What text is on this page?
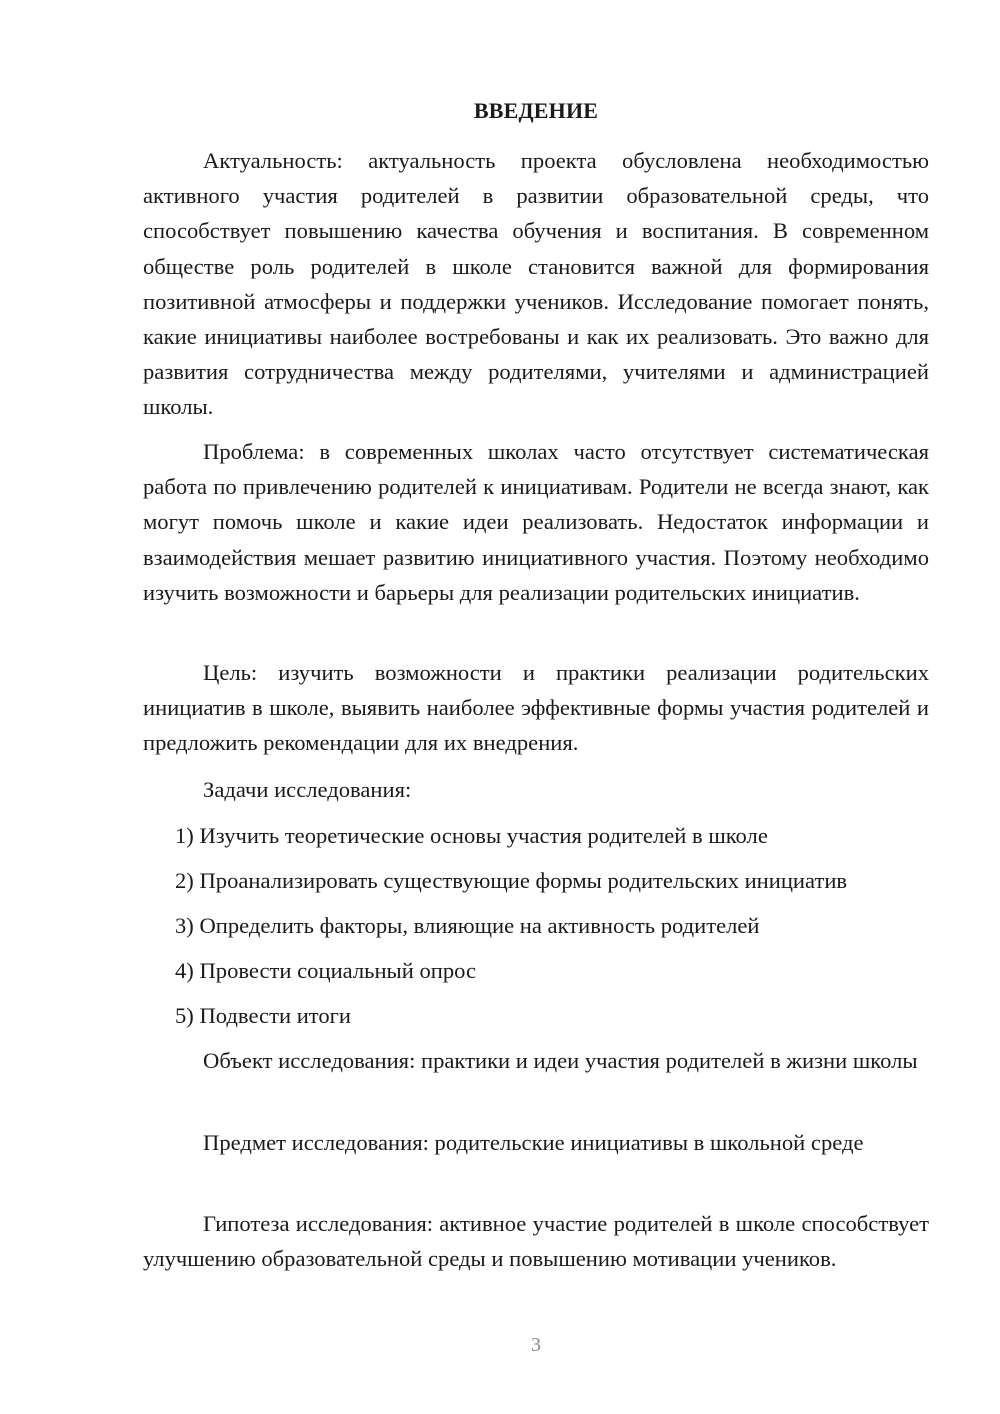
ВВЕДЕНИЕ

Актуальность: актуальность проекта обусловлена необходимостью активного участия родителей в развитии образовательной среды, что способствует повышению качества обучения и воспитания. В современном обществе роль родителей в школе становится важной для формирования позитивной атмосферы и поддержки учеников. Исследование помогает понять, какие инициативы наиболее востребованы и как их реализовать. Это важно для развития сотрудничества между родителями, учителями и администрацией школы.

Проблема: в современных школах часто отсутствует систематическая работа по привлечению родителей к инициативам. Родители не всегда знают, как могут помочь школе и какие идеи реализовать. Недостаток информации и взаимодействия мешает развитию инициативного участия. Поэтому необходимо изучить возможности и барьеры для реализации родительских инициатив.

Цель: изучить возможности и практики реализации родительских инициатив в школе, выявить наиболее эффективные формы участия родителей и предложить рекомендации для их внедрения.

Задачи исследования:

1) Изучить теоретические основы участия родителей в школе

2) Проанализировать существующие формы родительских инициатив

3) Определить факторы, влияющие на активность родителей

4) Провести социальный опрос

5) Подвести итоги

Объект исследования: практики и идеи участия родителей в жизни школы

Предмет исследования: родительские инициативы в школьной среде

Гипотеза исследования: активное участие родителей в школе способствует улучшению образовательной среды и повышению мотивации учеников.

3
